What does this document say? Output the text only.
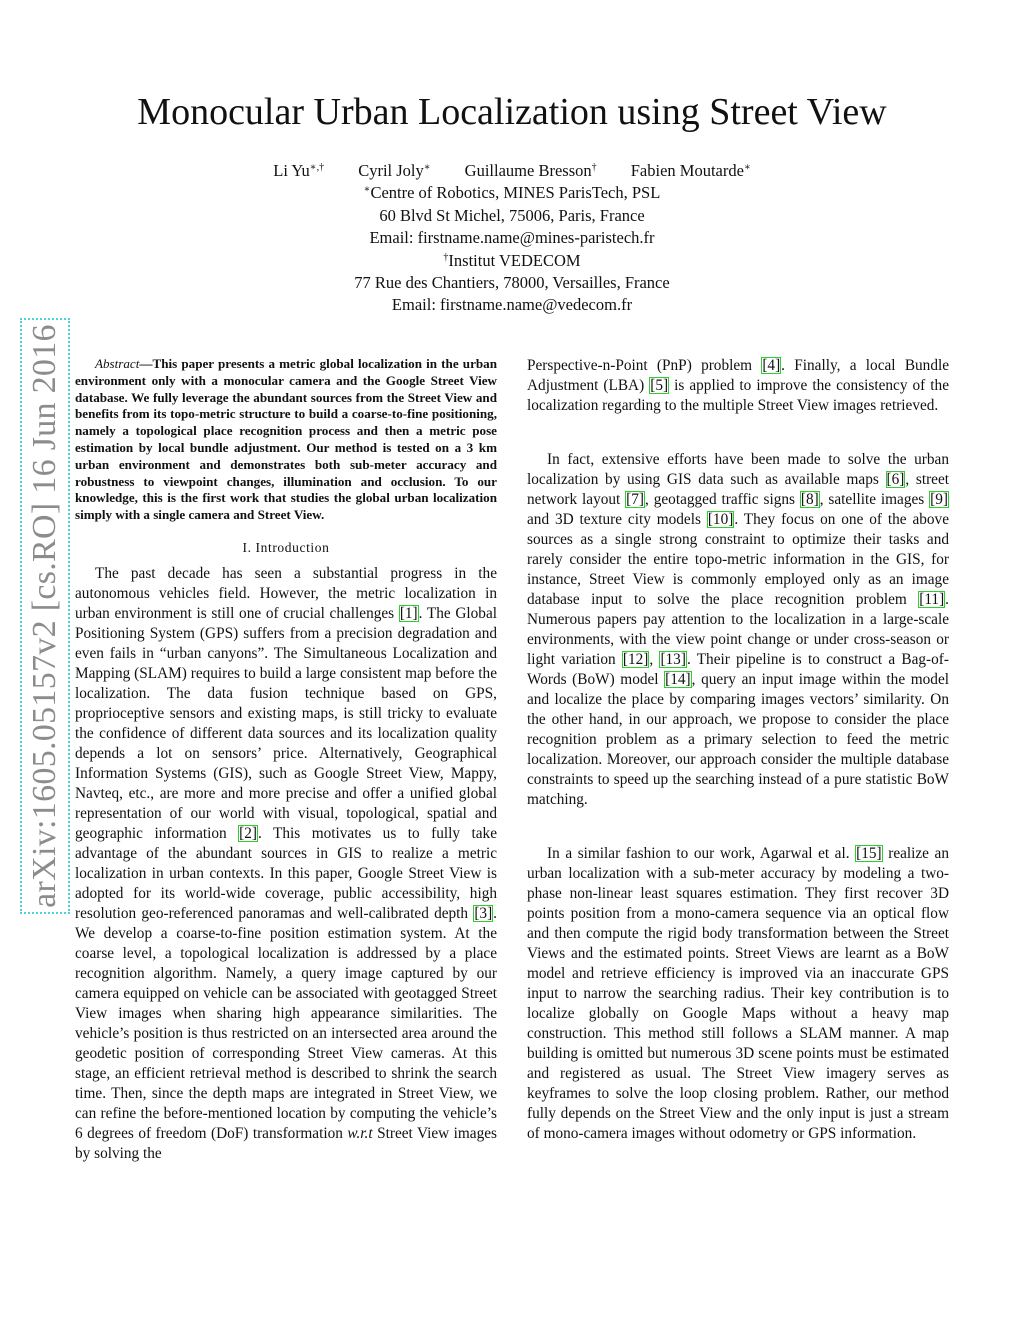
arXiv:1605.05157v2 [cs.RO] 16 Jun 2016
Monocular Urban Localization using Street View
Li Yu∗,† Cyril Joly∗ Guillaume Bresson† Fabien Moutarde∗
∗Centre of Robotics, MINES ParisTech, PSL
60 Blvd St Michel, 75006, Paris, France
Email: firstname.name@mines-paristech.fr
†Institut VEDECOM
77 Rue des Chantiers, 78000, Versailles, France
Email: firstname.name@vedecom.fr

Abstract—This paper presents a metric global localization in the urban environment only with a monocular camera and the Google Street View database. We fully leverage the abundant sources from the Street View and benefits from its topo-metric structure to build a coarse-to-fine positioning, namely a topological place recognition process and then a metric pose estimation by local bundle adjustment. Our method is tested on a 3 km urban environment and demonstrates both sub-meter accuracy and robustness to viewpoint changes, illumination and occlusion. To our knowledge, this is the first work that studies the global urban localization simply with a single camera and Street View.

I. Introduction

The past decade has seen a substantial progress in the autonomous vehicles field. However, the metric localization in urban environment is still one of crucial challenges [1]. The Global Positioning System (GPS) suffers from a precision degradation and even fails in “urban canyons”. The Simultaneous Localization and Mapping (SLAM) requires to build a large consistent map before the localization. The data fusion technique based on GPS, proprioceptive sensors and existing maps, is still tricky to evaluate the confidence of different data sources and its localization quality depends a lot on sensors’ price. Alternatively, Geographical Information Systems (GIS), such as Google Street View, Mappy, Navteq, etc., are more and more precise and offer a unified global representation of our world with visual, topological, spatial and geographic information [2]. This motivates us to fully take advantage of the abundant sources in GIS to realize a metric localization in urban contexts. In this paper, Google Street View is adopted for its world-wide coverage, public accessibility, high resolution geo-referenced panoramas and well-calibrated depth [3]. We develop a coarse-to-fine position estimation system. At the coarse level, a topological localization is addressed by a place recognition algorithm. Namely, a query image captured by our camera equipped on vehicle can be associated with geotagged Street View images when sharing high appearance similarities. The vehicle’s position is thus restricted on an intersected area around the geodetic position of corresponding Street View cameras. At this stage, an efficient retrieval method is described to shrink the search time. Then, since the depth maps are integrated in Street View, we can refine the before-mentioned location by computing the vehicle’s 6 degrees of freedom (DoF) transformation w.r.t Street View images by solving the

Perspective-n-Point (PnP) problem [4]. Finally, a local Bundle Adjustment (LBA) [5] is applied to improve the consistency of the localization regarding to the multiple Street View images retrieved.

In fact, extensive efforts have been made to solve the urban localization by using GIS data such as available maps [6], street network layout [7], geotagged traffic signs [8], satellite images [9] and 3D texture city models [10]. They focus on one of the above sources as a single strong constraint to optimize their tasks and rarely consider the entire topo-metric information in the GIS, for instance, Street View is commonly employed only as an image database input to solve the place recognition problem [11]. Numerous papers pay attention to the localization in a large-scale environments, with the view point change or under cross-season or light variation [12], [13]. Their pipeline is to construct a Bag-of-Words (BoW) model [14], query an input image within the model and localize the place by comparing images vectors’ similarity. On the other hand, in our approach, we propose to consider the place recognition problem as a primary selection to feed the metric localization. Moreover, our approach consider the multiple database constraints to speed up the searching instead of a pure statistic BoW matching.

In a similar fashion to our work, Agarwal et al. [15] realize an urban localization with a sub-meter accuracy by modeling a two-phase non-linear least squares estimation. They first recover 3D points position from a mono-camera sequence via an optical flow and then compute the rigid body transformation between the Street Views and the estimated points. Street Views are learnt as a BoW model and retrieve efficiency is improved via an inaccurate GPS input to narrow the searching radius. Their key contribution is to localize globally on Google Maps without a heavy map construction. This method still follows a SLAM manner. A map building is omitted but numerous 3D scene points must be estimated and registered as usual. The Street View imagery serves as keyframes to solve the loop closing problem. Rather, our method fully depends on the Street View and the only input is just a stream of mono-camera images without odometry or GPS information.
